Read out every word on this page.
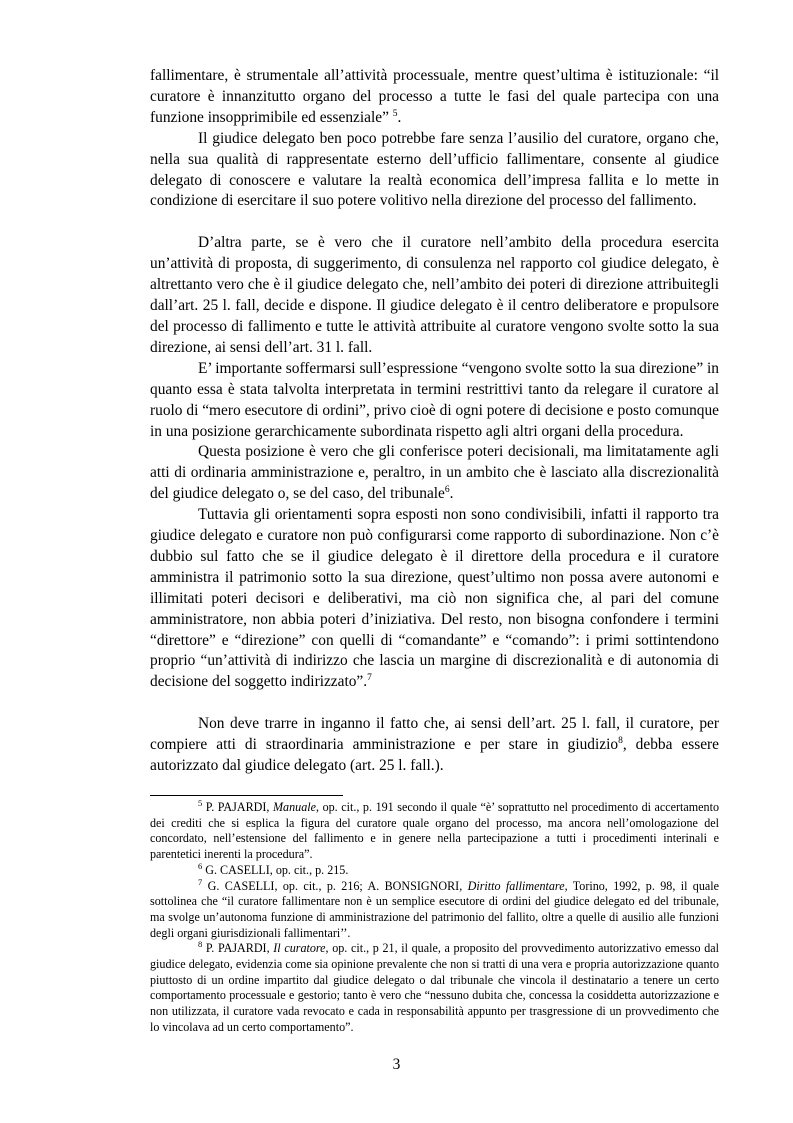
fallimentare, è strumentale all’attività processuale, mentre quest’ultima è istituzionale: “il curatore è innanzitutto organo del processo a tutte le fasi del quale partecipa con una funzione insopprimibile ed essenziale” $^5$.

Il giudice delegato ben poco potrebbe fare senza l’ausilio del curatore, organo che, nella sua qualità di rappresentate esterno dell’ufficio fallimentare, consente al giudice delegato di conoscere e valutare la realtà economica dell’impresa fallita e lo mette in condizione di esercitare il suo potere volitivo nella direzione del processo del fallimento.

D’altra parte, se è vero che il curatore nell’ambito della procedura esercita un’attività di proposta, di suggerimento, di consulenza nel rapporto col giudice delegato, è altrettanto vero che è il giudice delegato che, nell’ambito dei poteri di direzione attribuitegli dall’art. 25 l. fall, decide e dispone. Il giudice delegato è il centro deliberatore e propulsore del processo di fallimento e tutte le attività attribuite al curatore vengono svolte sotto la sua direzione, ai sensi dell’art. 31 l. fall.

E’ importante soffermarsi sull’espressione “vengono svolte sotto la sua direzione” in quanto essa è stata talvolta interpretata in termini restrittivi tanto da relegare il curatore al ruolo di “mero esecutore di ordini”, privo cioè di ogni potere di decisione e posto comunque in una posizione gerarchicamente subordinata rispetto agli altri organi della procedura.

Questa posizione è vero che gli conferisce poteri decisionali, ma limitatamente agli atti di ordinaria amministrazione e, peraltro, in un ambito che è lasciato alla discrezionalità del giudice delegato o, se del caso, del tribunale$^6$.

Tuttavia gli orientamenti sopra esposti non sono condivisibili, infatti il rapporto tra giudice delegato e curatore non può configurarsi come rapporto di subordinazione. Non c’è dubbio sul fatto che se il giudice delegato è il direttore della procedura e il curatore amministra il patrimonio sotto la sua direzione, quest’ultimo non possa avere autonomi e illimitati poteri decisori e deliberativi, ma ciò non significa che, al pari del comune amministratore, non abbia poteri d’iniziativa. Del resto, non bisogna confondere i termini “direttore” e “direzione” con quelli di “comandante” e “comando”: i primi sottintendono proprio “un’attività di indirizzo che lascia un margine di discrezionalità e di autonomia di decisione del soggetto indirizzato”.$^7$

Non deve trarre in inganno il fatto che, ai sensi dell’art. 25 l. fall, il curatore, per compiere atti di straordinaria amministrazione e per stare in giudizio$^8$, debba essere autorizzato dal giudice delegato (art. 25 l. fall.).

$^5$ P. PAJARDI, Manuale, op. cit., p. 191 secondo il quale “è’ soprattutto nel procedimento di accertamento dei crediti che si esplica la figura del curatore quale organo del processo, ma ancora nell’omologazione del concordato, nell’estensione del fallimento e in genere nella partecipazione a tutti i procedimenti interinali e parentetici inerenti la procedura”.

$^6$ G. CASELLI, op. cit., p. 215.

$^7$ G. CASELLI, op. cit., p. 216; A. BONSIGNORI, Diritto fallimentare, Torino, 1992, p. 98, il quale sottolinea che “il curatore fallimentare non è un semplice esecutore di ordini del giudice delegato ed del tribunale, ma svolge un’autonoma funzione di amministrazione del patrimonio del fallito, oltre a quelle di ausilio alle funzioni degli organi giurisdizionali fallimentari’’.

$^8$ P. PAJARDI, Il curatore, op. cit., p 21, il quale, a proposito del provvedimento autorizzativo emesso dal giudice delegato, evidenzia come sia opinione prevalente che non si tratti di una vera e propria autorizzazione quanto piuttosto di un ordine impartito dal giudice delegato o dal tribunale che vincola il destinatario a tenere un certo comportamento processuale e gestorio; tanto è vero che “nessuno dubita che, concessa la cosiddetta autorizzazione e non utilizzata, il curatore vada revocato e cada in responsabilità appunto per trasgressione di un provvedimento che lo vincolava ad un certo comportamento”.

3
